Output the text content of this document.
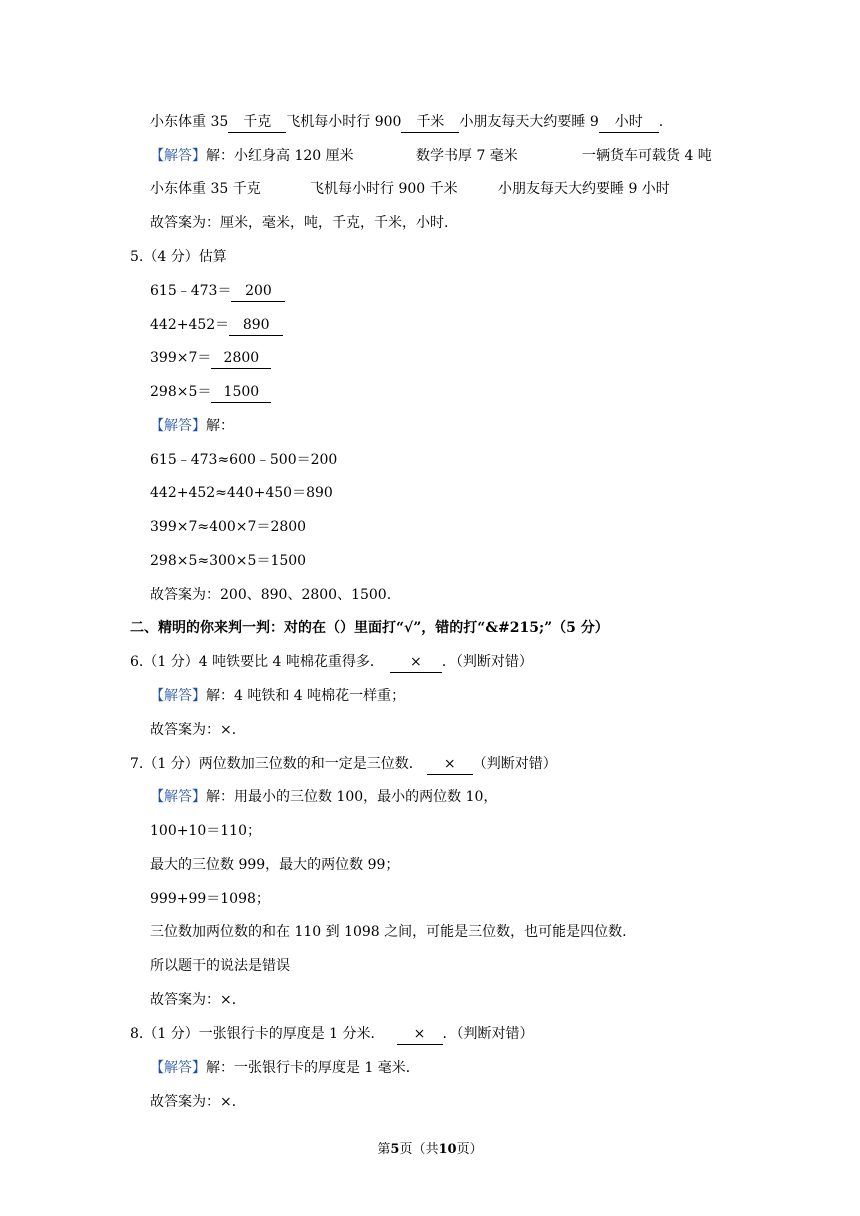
小东体重 35 千克 飞机每小时行 900 千米 小朋友每天大约要睡 9 小时 .
【解答】解：小红身高 120 厘米	数学书厚 7 毫米	一辆货车可载货 4 吨
小东体重 35 千克	飞机每小时行 900 千米	小朋友每天大约要睡 9 小时
故答案为：厘米，毫米，吨，千克，千米，小时.
5.（4 分）估算
615﹣473＝ 200
442+452＝ 890
399×7＝ 2800
298×5＝ 1500
【解答】解：
615﹣473≈600﹣500＝200
442+452≈440+450＝890
399×7≈400×7＝2800
298×5≈300×5＝1500
故答案为：200、890、2800、1500.
二、精明的你来判一判：对的在（）里面打“√”，错的打“&#215;”（5 分）
6.（1 分）4 吨铁要比 4 吨棉花重得多． × ．（判断对错）
【解答】解：4 吨铁和 4 吨棉花一样重；
故答案为：×．
7.（1 分）两位数加三位数的和一定是三位数． × （判断对错）
【解答】解：用最小的三位数 100，最小的两位数 10，
100+10＝110；
最大的三位数 999，最大的两位数 99；
999+99＝1098；
三位数加两位数的和在 110 到 1098 之间，可能是三位数，也可能是四位数.
所以题干的说法是错误
故答案为：×．
8.（1 分）一张银行卡的厚度是 1 分米． × ．（判断对错）
【解答】解：一张银行卡的厚度是 1 毫米．
故答案为：×．
第5页（共10页）
